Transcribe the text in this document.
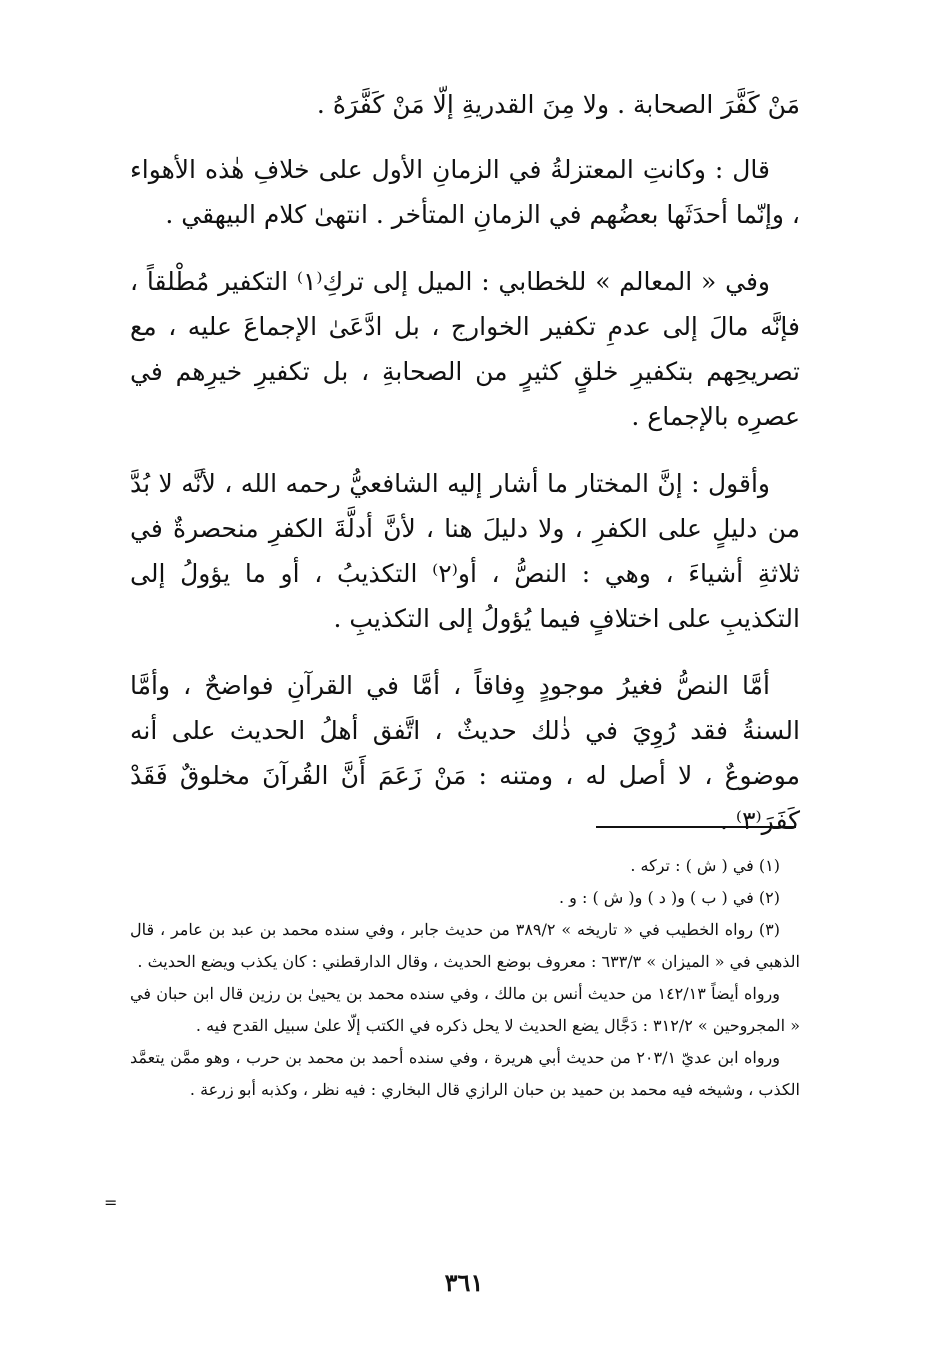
مَنْ كَفَّرَ الصحابة . ولا مِنَ القدريةِ إلّا مَنْ كَفَّرَهُ .

قال : وكانتِ المعتزلةُ في الزمانِ الأول على خلافِ هٰذه الأهواء ، وإنّما أحدَثَها بعضُهم في الزمانِ المتأخر . انتهىٰ كلام البيهقي .

وفي « المعالم » للخطابي : الميل إلى تركِ⁽١⁾ التكفير مُطْلقاً ، فإنَّه مالَ إلى عدمِ تكفير الخوارج ، بل ادَّعَىٰ الإجماعَ عليه ، مع تصريحِهم بتكفيرِ خلقٍ كثيرٍ من الصحابةِ ، بل تكفيرِ خيرِهم في عصرِه بالإجماع .

وأقول : إنَّ المختار ما أشار إليه الشافعيُّ رحمه الله ، لأنَّه لا بُدَّ من دليلٍ على الكفرِ ، ولا دليلَ هنا ، لأنَّ أدلَّةَ الكفرِ منحصرةٌ في ثلاثةِ أشياءَ ، وهي : النصُّ ، أو⁽٢⁾ التكذيبُ ، أو ما يؤولُ إلى التكذيبِ على اختلافٍ فيما يُؤولُ إلى التكذيبِ .

أمَّا النصُّ فغيرُ موجودٍ وِفاقاً ، أمَّا في القرآنِ فواضحٌ ، وأمَّا السنةُ فقد رُوِيَ في ذٰلك حديثٌ ، اتَّفق أهلُ الحديث على أنه موضوعٌ ، لا أصل له ، ومتنه : مَنْ زَعَمَ أَنَّ القُرآنَ مخلوقٌ فَقَدْ كَفَرَ⁽٣⁾ .

(١) في ( ش ) : تركه .

(٢) في ( ب ) و( د ) و( ش ) : و .

(٣) رواه الخطيب في « تاريخه » ٣٨٩/٢ من حديث جابر ، وفي سنده محمد بن عبد بن عامر ، قال الذهبي في « الميزان » ٦٣٣/٣ : معروف بوضع الحديث ، وقال الدارقطني : كان يكذب ويضع الحديث .

ورواه أيضاً ١٤٢/١٣ من حديث أنس بن مالك ، وفي سنده محمد بن يحيىٰ بن رزين قال ابن حبان في « المجروحين » ٣١٢/٢ : دَجَّال يضع الحديث لا يحل ذكره في الكتب إلّا علىٰ سبيل القدح فيه .

ورواه ابن عديّ ٢٠٣/١ من حديث أبي هريرة ، وفي سنده أحمد بن محمد بن حرب ، وهو ممَّن يتعمَّد الكذب ، وشيخه فيه محمد بن حميد بن حبان الرازي قال البخاري : فيه نظر ، وكذبه أبو زرعة .

=
٣٦١
